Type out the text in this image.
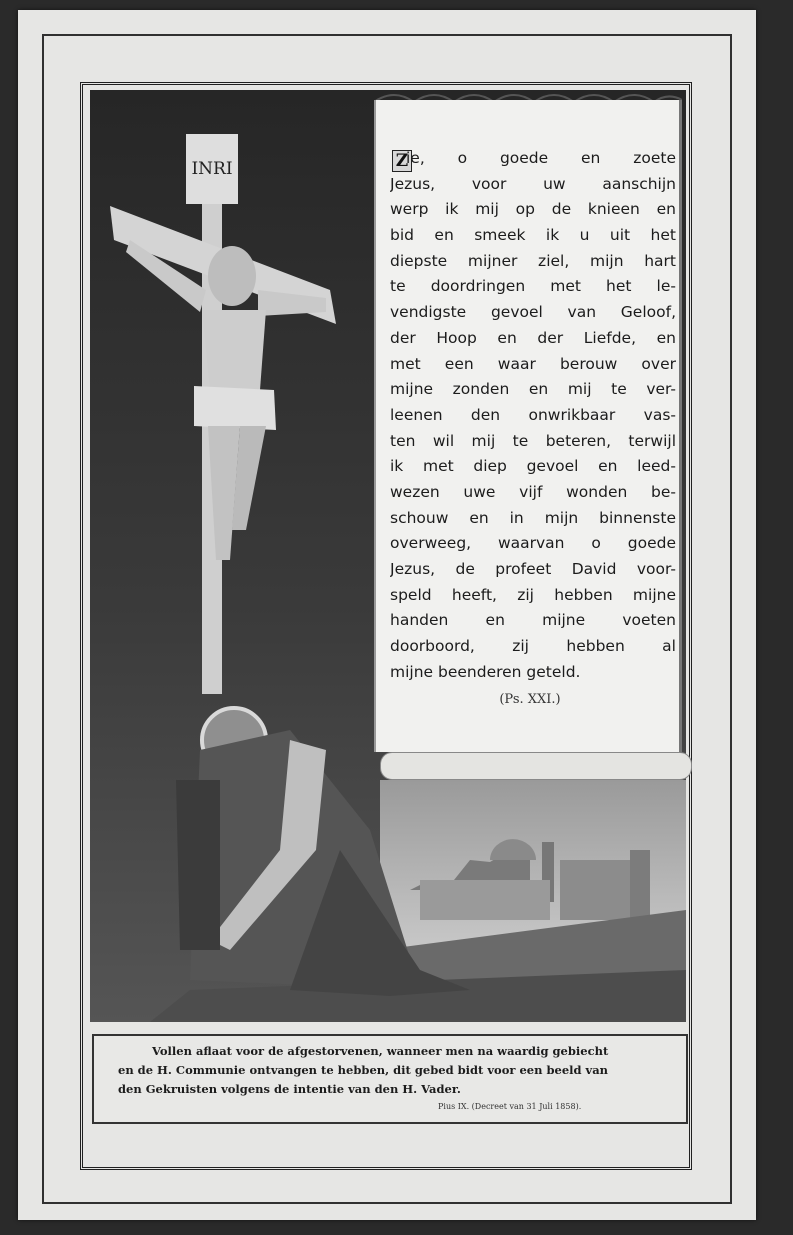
INRI	Z
ie, o goede en zoete
Jezus, voor uw aanschijn
werp ik mij op de knieen en
bid en smeek ik u uit het
diepste mijner ziel, mijn hart
te doordringen met het le-
vendigste gevoel van Geloof,
der Hoop en der Liefde, en
met een waar berouw over
mijne zonden en mij te ver-
leenen den onwrikbaar vas-
ten wil mij te beteren, terwijl
ik met diep gevoel en leed-
wezen uwe vijf wonden be-
schouw en in mijn binnenste
overweeg, waarvan o goede
Jezus, de profeet David voor-
speld heeft, zij hebben mijne
handen en mijne voeten
doorboord, zij hebben al
mijne beenderen geteld.
(Ps. XXI.)
Vollen aflaat voor de afgestorvenen, wanneer men na waardig gebiecht
en de H. Communie ontvangen te hebben, dit gebed bidt voor een beeld van
den Gekruisten volgens de intentie van den H. Vader.
Pius IX. (Decreet van 31 Juli 1858).
